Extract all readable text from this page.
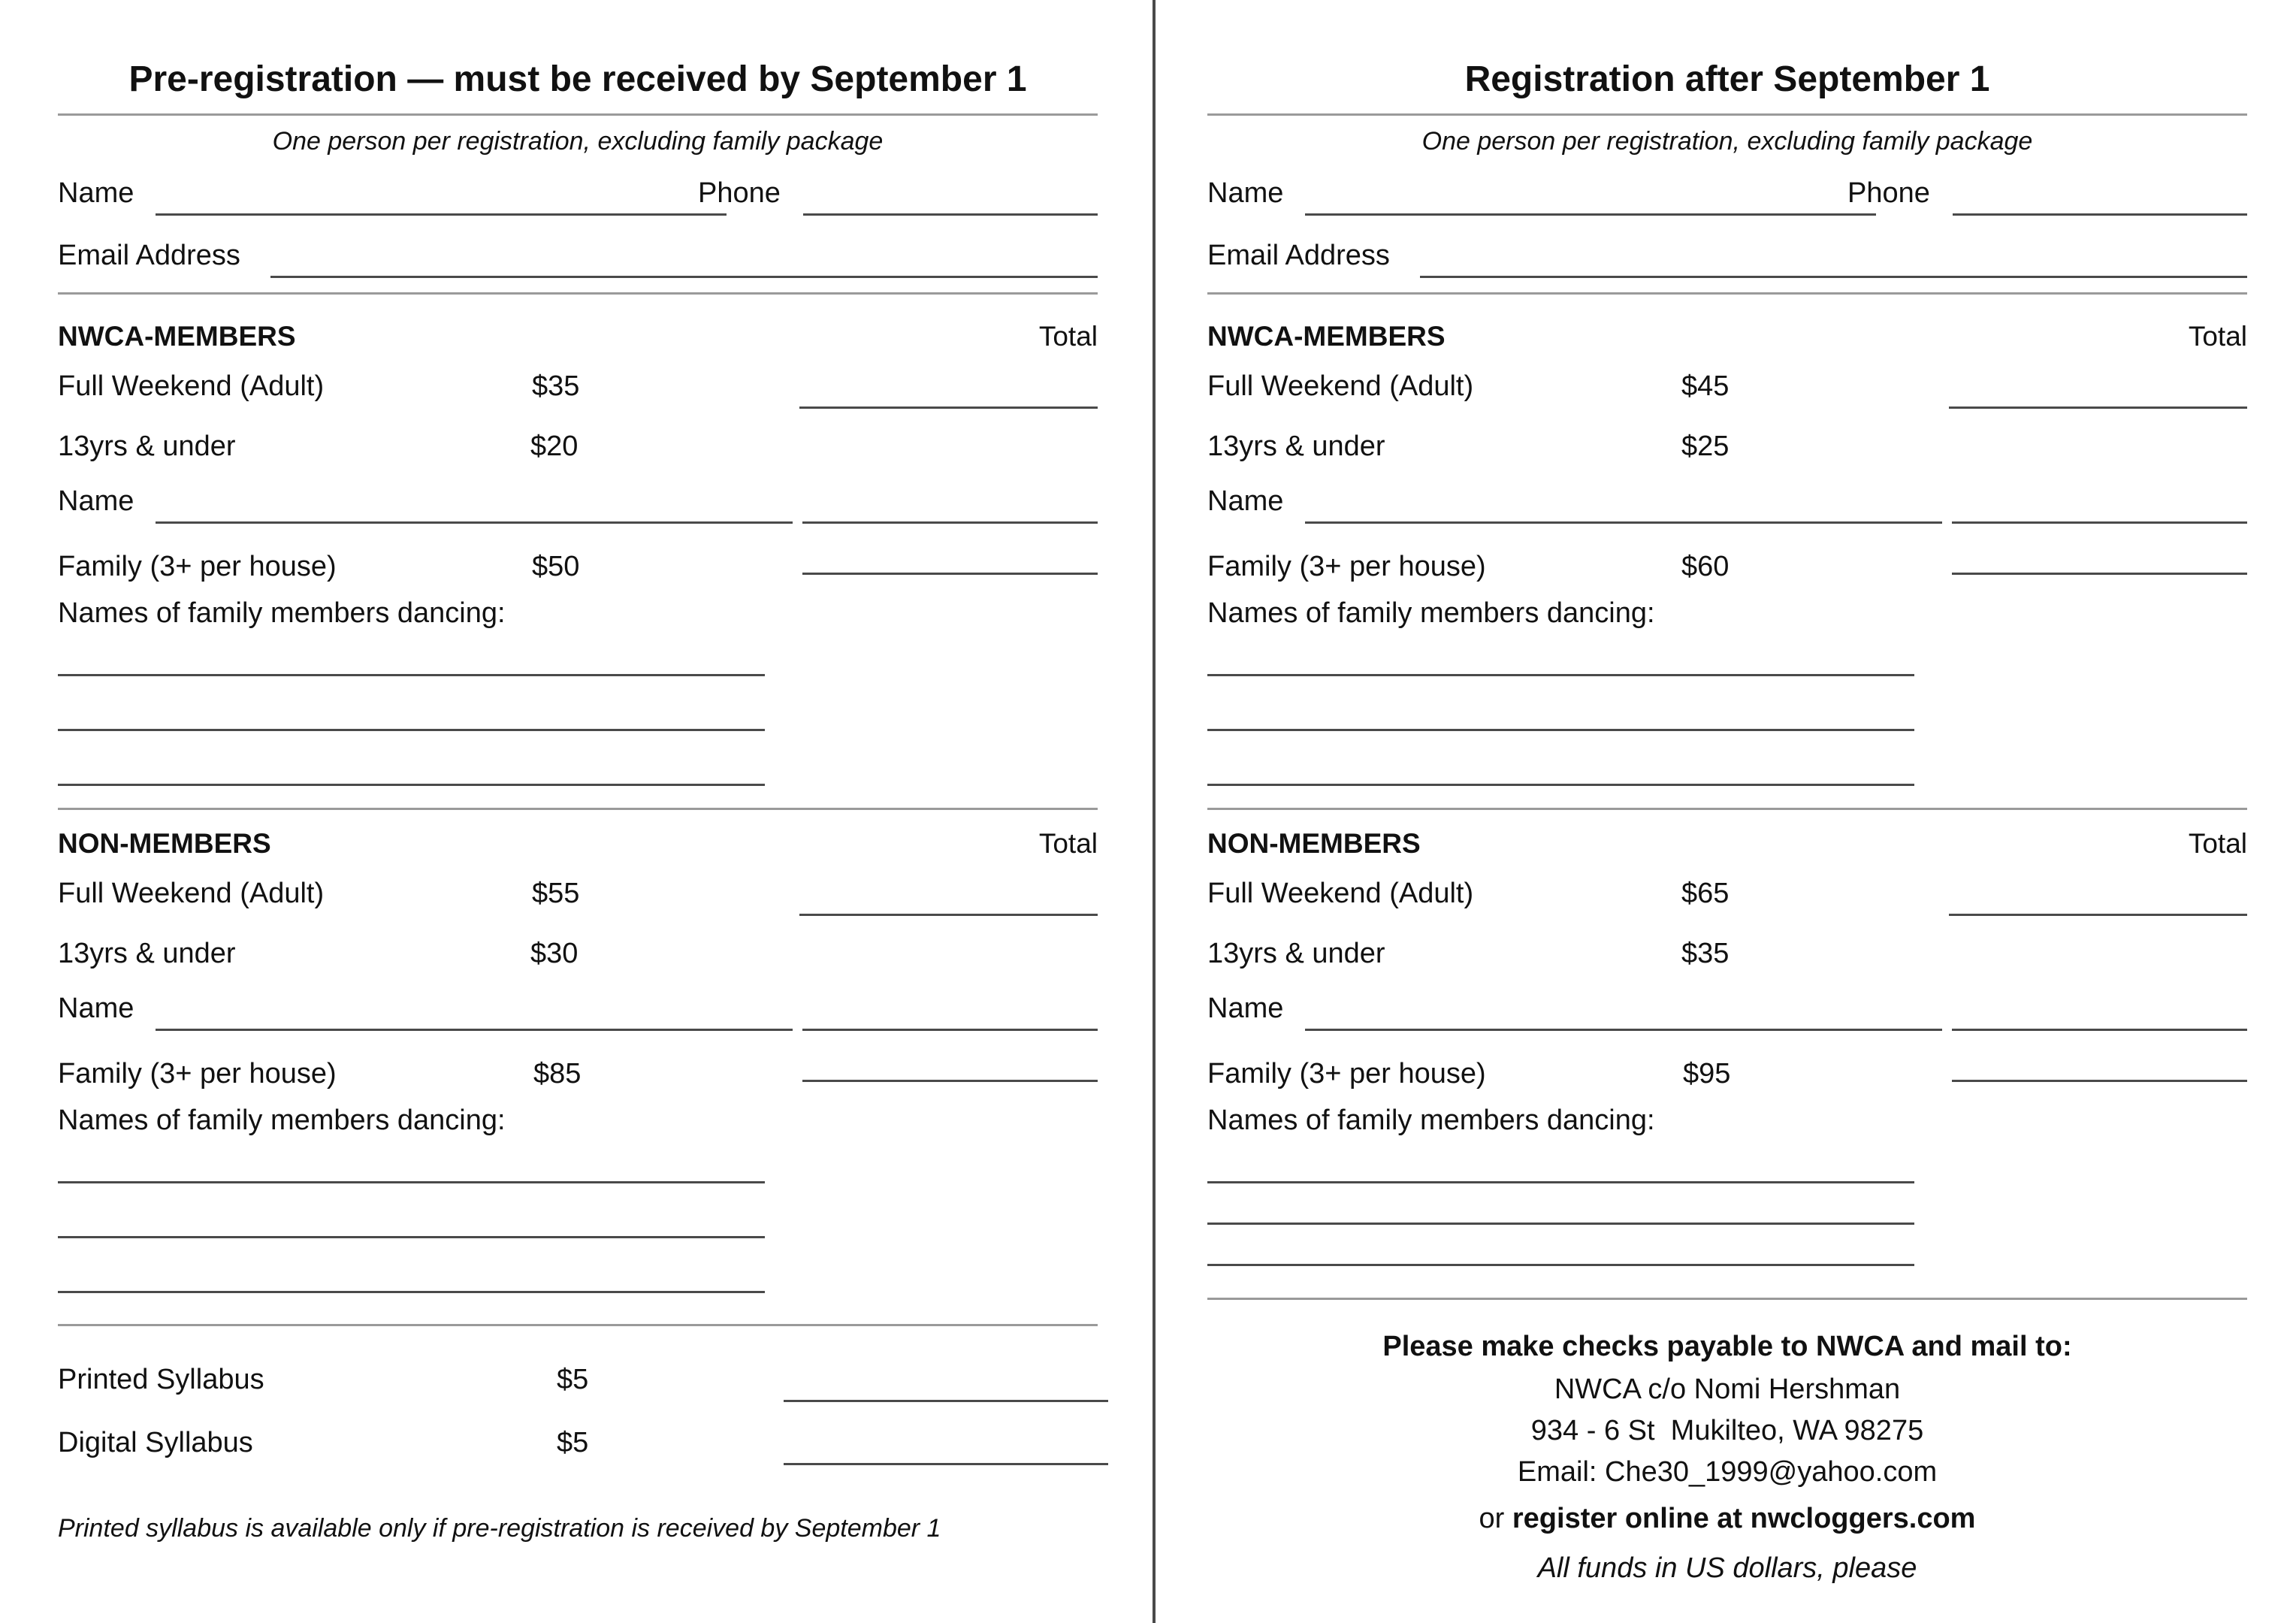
Pre-registration — must be received by September 1
One person per registration, excluding family package
Name	Phone
Email Address
NWCA-MEMBERS	Total
Full Weekend (Adult)	$35
13yrs & under	$20
Name
Family (3+ per house)	$50
Names of family members dancing:
NON-MEMBERS	Total
Full Weekend (Adult)	$55
13yrs & under	$30
Name
Family (3+ per house)	$85
Names of family members dancing:
Printed Syllabus	$5
Digital Syllabus	$5
Printed syllabus is available only if pre-registration is received by September 1
Registration after September 1
One person per registration, excluding family package
Name	Phone
Email Address
NWCA-MEMBERS	Total
Full Weekend (Adult)	$45
13yrs & under	$25
Name
Family (3+ per house)	$60
Names of family members dancing:
NON-MEMBERS	Total
Full Weekend (Adult)	$65
13yrs & under	$35
Name
Family (3+ per house)	$95
Names of family members dancing:
Please make checks payable to NWCA and mail to:
NWCA c/o Nomi Hershman
934 - 6 St  Mukilteo, WA 98275
Email: Che30_1999@yahoo.com
or register online at nwcloggers.com
All funds in US dollars, please
